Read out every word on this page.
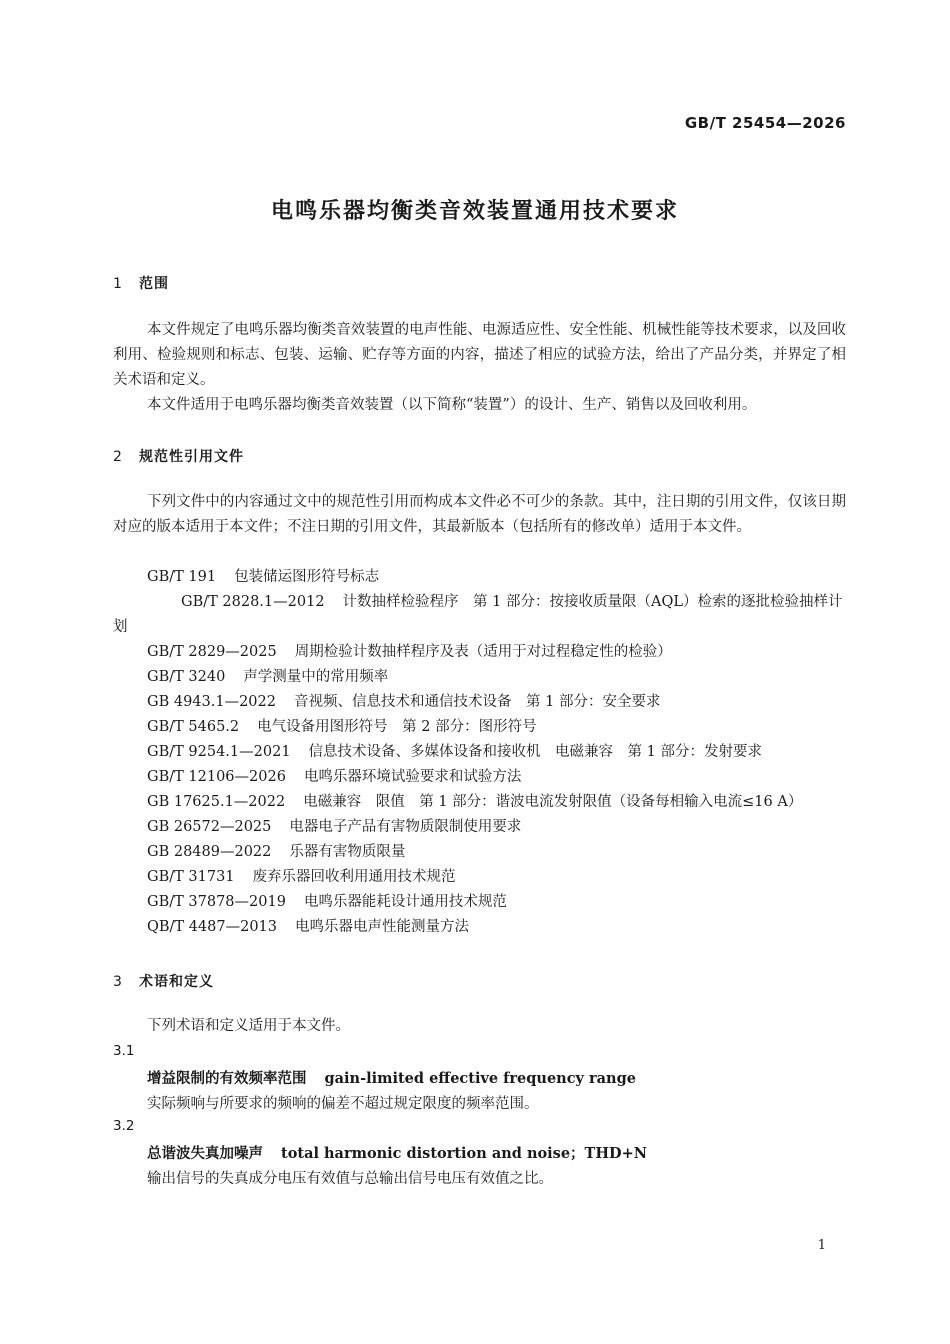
GB/T 25454—2026
电鸣乐器均衡类音效装置通用技术要求
1 范围

本文件规定了电鸣乐器均衡类音效装置的电声性能、电源适应性、安全性能、机械性能等技术要求，以及回收利用、检验规则和标志、包装、运输、贮存等方面的内容，描述了相应的试验方法，给出了产品分类，并界定了相关术语和定义。

本文件适用于电鸣乐器均衡类音效装置（以下简称“装置”）的设计、生产、销售以及回收利用。

2 规范性引用文件

下列文件中的内容通过文中的规范性引用而构成本文件必不可少的条款。其中，注日期的引用文件，仅该日期对应的版本适用于本文件；不注日期的引用文件，其最新版本（包括所有的修改单）适用于本文件。

GB/T 191 包装储运图形符号标志

GB/T 2828.1—2012 计数抽样检验程序　第 1 部分：按接收质量限（AQL）检索的逐批检验抽样计划

GB/T 2829—2025 周期检验计数抽样程序及表（适用于对过程稳定性的检验）
GB/T 3240 声学测量中的常用频率
GB 4943.1—2022 音视频、信息技术和通信技术设备　第 1 部分：安全要求
GB/T 5465.2 电气设备用图形符号　第 2 部分：图形符号
GB/T 9254.1—2021 信息技术设备、多媒体设备和接收机　电磁兼容　第 1 部分：发射要求
GB/T 12106—2026 电鸣乐器环境试验要求和试验方法
GB 17625.1—2022 电磁兼容　限值　第 1 部分：谐波电流发射限值（设备每相输入电流≤16 A）
GB 26572—2025 电器电子产品有害物质限制使用要求
GB 28489—2022 乐器有害物质限量
GB/T 31731 废弃乐器回收利用通用技术规范
GB/T 37878—2019 电鸣乐器能耗设计通用技术规范
QB/T 4487—2013 电鸣乐器电声性能测量方法
3 术语和定义

下列术语和定义适用于本文件。

3.1
增益限制的有效频率范围 gain-limited effective frequency range
实际频响与所要求的频响的偏差不超过规定限度的频率范围。
3.2
总谐波失真加噪声 total harmonic distortion and noise；THD+N
输出信号的失真成分电压有效值与总输出信号电压有效值之比。
1
